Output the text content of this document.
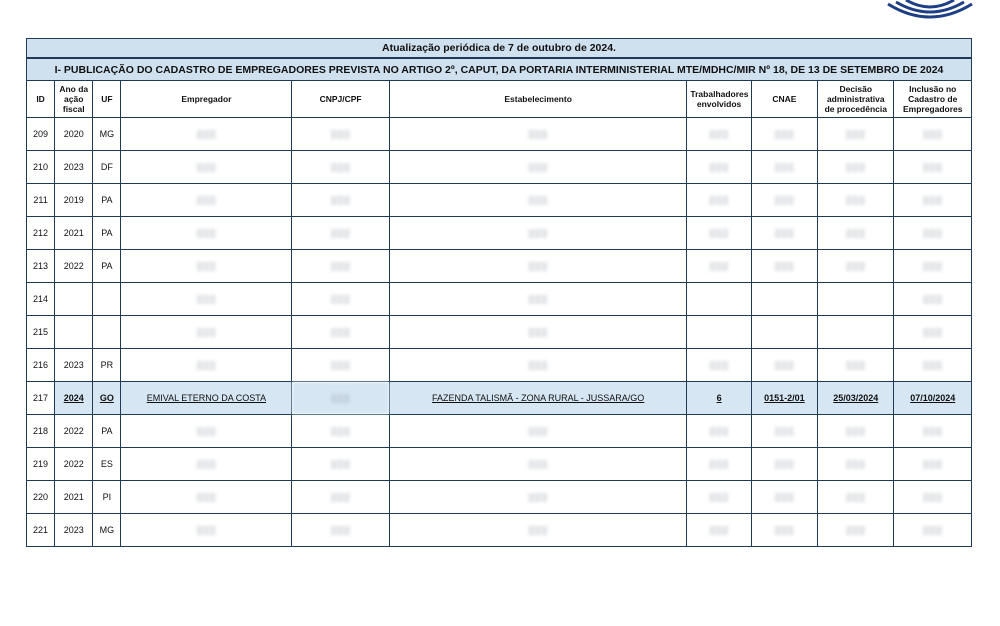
Atualização periódica de 7 de outubro de 2024.									
I- PUBLICAÇÃO DO CADASTRO DE EMPREGADORES PREVISTA NO ARTIGO 2º, CAPUT, DA PORTARIA INTERMINISTERIAL MTE/MDHC/MIR Nº 18, DE 13 DE SETEMBRO DE 2024									
ID	Ano da ação fiscal	UF	Empregador	CNPJ/CPF	Estabelecimento	Trabalhadores envolvidos	CNAE	Decisão administrativa de procedência	Inclusão no Cadastro de Empregadores
209	2020	MG	▒▒▒	▒▒▒	▒▒▒	▒▒▒	▒▒▒	▒▒▒	▒▒▒
210	2023	DF	▒▒▒	▒▒▒	▒▒▒	▒▒▒	▒▒▒	▒▒▒	▒▒▒
211	2019	PA	▒▒▒	▒▒▒	▒▒▒	▒▒▒	▒▒▒	▒▒▒	▒▒▒
212	2021	PA	▒▒▒	▒▒▒	▒▒▒	▒▒▒	▒▒▒	▒▒▒	▒▒▒
213	2022	PA	▒▒▒	▒▒▒	▒▒▒	▒▒▒	▒▒▒	▒▒▒	▒▒▒
214			▒▒▒	▒▒▒	▒▒▒				▒▒▒
215			▒▒▒	▒▒▒	▒▒▒				▒▒▒
216	2023	PR	▒▒▒	▒▒▒	▒▒▒	▒▒▒	▒▒▒	▒▒▒	▒▒▒
217	2024	GO	EMIVAL ETERNO DA COSTA	▒▒▒	FAZENDA TALISMÃ - ZONA RURAL - JUSSARA/GO	6	0151-2/01	25/03/2024	07/10/2024
218	2022	PA	▒▒▒	▒▒▒	▒▒▒	▒▒▒	▒▒▒	▒▒▒	▒▒▒
219	2022	ES	▒▒▒	▒▒▒	▒▒▒	▒▒▒	▒▒▒	▒▒▒	▒▒▒
220	2021	PI	▒▒▒	▒▒▒	▒▒▒	▒▒▒	▒▒▒	▒▒▒	▒▒▒
221	2023	MG	▒▒▒	▒▒▒	▒▒▒	▒▒▒	▒▒▒	▒▒▒	▒▒▒
